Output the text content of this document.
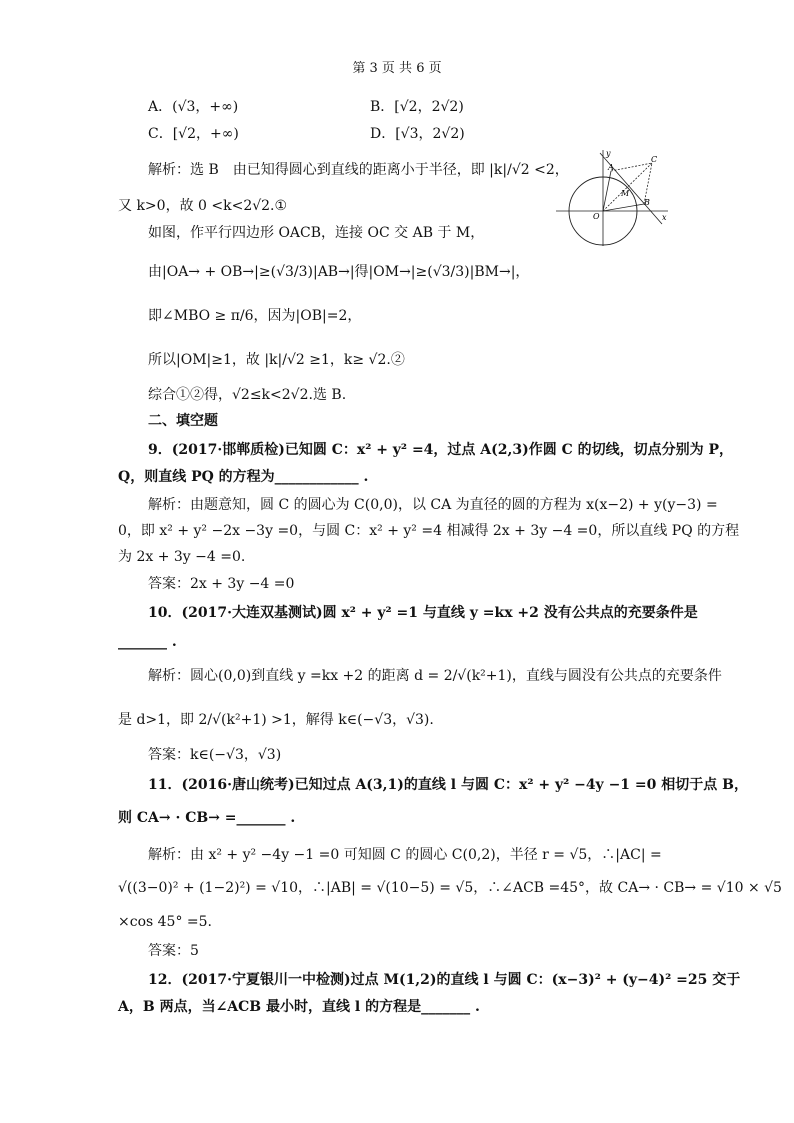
第 3 页 共 6 页
A．(√3，+∞)	B．[√2，2√2)
C．[√2，+∞)	D．[√3，2√2)
解析：选 B　由已知得圆心到直线的距离小于半径，即 |k|/√2 <2，
又 k>0，故 0 <k<2√2.①
如图，作平行四边形 OACB，连接 OC 交 AB 于 M，
由|OA→ + OB→|≥(√3/3)|AB→|得|OM→|≥(√3/3)|BM→|，
即∠MBO ≥ π/6，因为|OB|=2，
所以|OM|≥1，故 |k|/√2 ≥1，k≥ √2.②
综合①②得，√2≤k<2√2.选 B.
二、填空题
9．(2017·邯郸质检)已知圆 C：x² + y² =4，过点 A(2,3)作圆 C 的切线，切点分别为 P，
Q，则直线 PQ 的方程为____________ .
解析：由题意知，圆 C 的圆心为 C(0,0)，以 CA 为直径的圆的方程为 x(x−2) + y(y−3) =
0，即 x² + y² −2x −3y =0，与圆 C：x² + y² =4 相减得 2x + 3y −4 =0，所以直线 PQ 的方程
为 2x + 3y −4 =0.
答案：2x + 3y −4 =0
10．(2017·大连双基测试)圆 x² + y² =1 与直线 y =kx +2 没有公共点的充要条件是
_______ .
解析：圆心(0,0)到直线 y =kx +2 的距离 d = 2/√(k²+1)，直线与圆没有公共点的充要条件
是 d>1，即 2/√(k²+1) >1，解得 k∈(−√3，√3).
答案：k∈(−√3，√3)
11．(2016·唐山统考)已知过点 A(3,1)的直线 l 与圆 C：x² + y² −4y −1 =0 相切于点 B，
则 CA→ · CB→ =_______ .
解析：由 x² + y² −4y −1 =0 可知圆 C 的圆心 C(0,2)，半径 r = √5，∴|AC| =
√((3−0)² + (1−2)²) = √10，∴|AB| = √(10−5) = √5，∴∠ACB =45°，故 CA→ · CB→ = √10 × √5
×cos 45° =5.
答案：5
12．(2017·宁夏银川一中检测)过点 M(1,2)的直线 l 与圆 C：(x−3)² + (y−4)² =25 交于
A，B 两点，当∠ACB 最小时，直线 l 的方程是_______ .
y
x
O
A
B
C
M
